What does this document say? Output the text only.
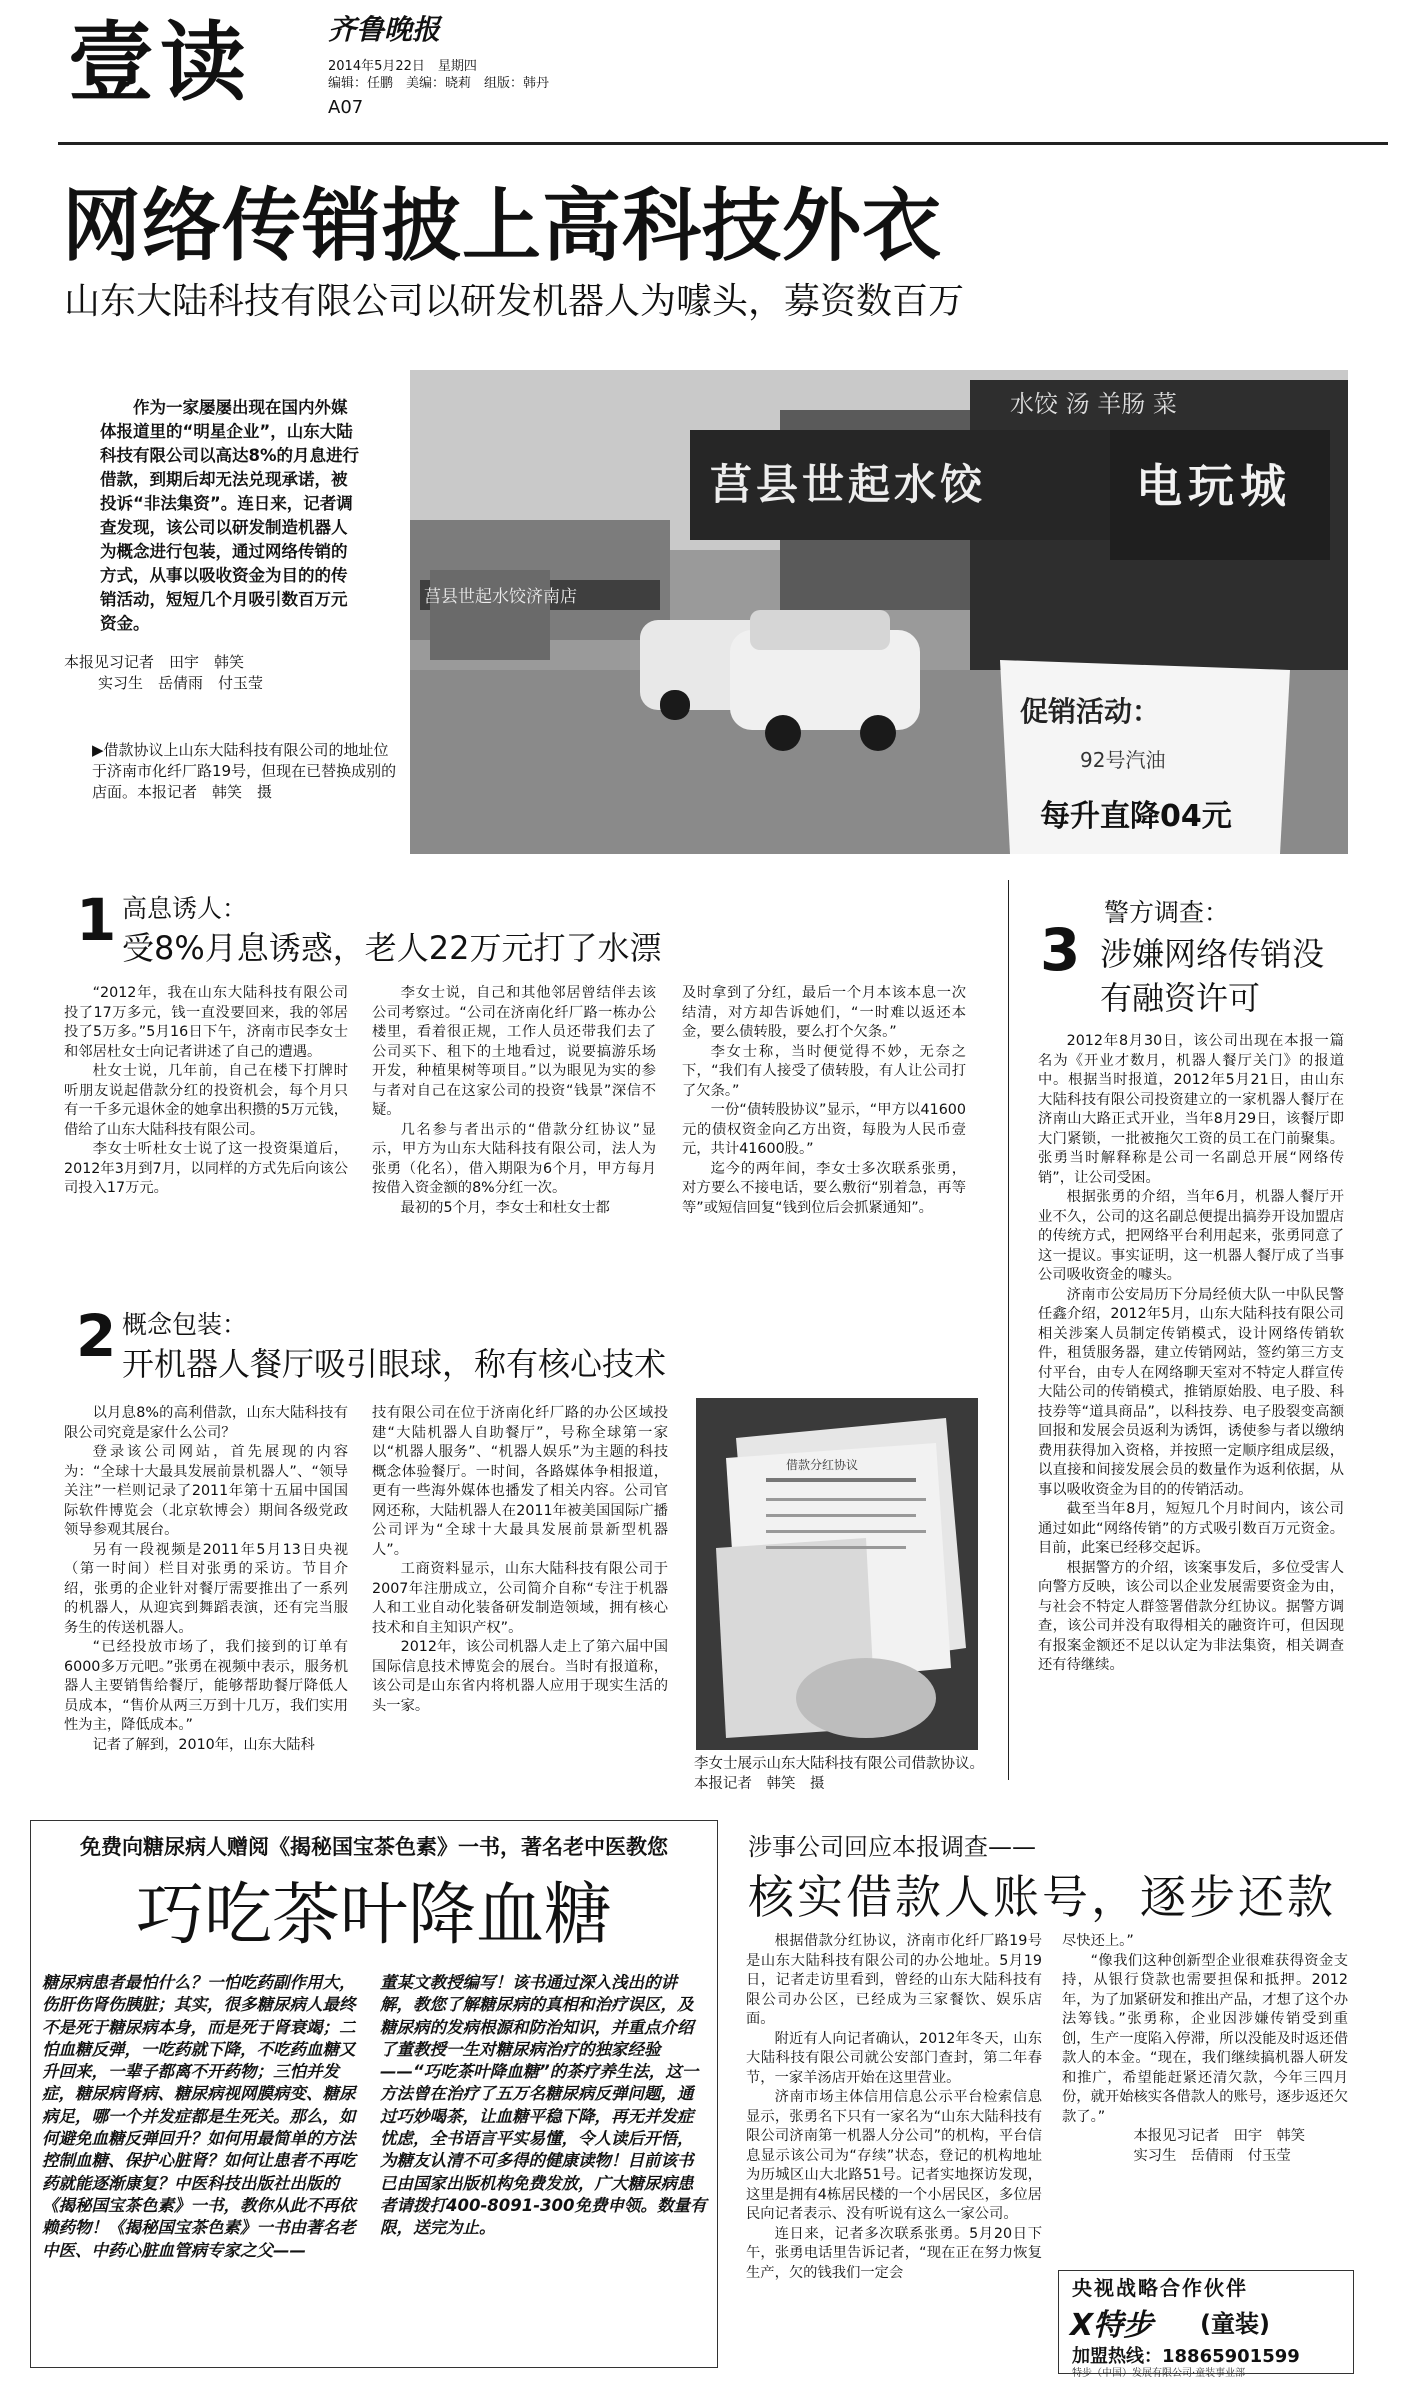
壹读	齐鲁晚报
2014年5月22日　星期四
编辑：任鹏　美编：晓莉　组版：韩丹
A07
网络传销披上高科技外衣
山东大陆科技有限公司以研发机器人为噱头，募资数百万
作为一家屡屡出现在国内外媒体报道里的“明星企业”，山东大陆科技有限公司以高达8%的月息进行借款，到期后却无法兑现承诺，被投诉“非法集资”。连日来，记者调查发现，该公司以研发制造机器人为概念进行包装，通过网络传销的方式，从事以吸收资金为目的的传销活动，短短几个月吸引数百万元资金。
本报见习记者　田宇　韩笑
实习生　岳倩雨　付玉莹
▶借款协议上山东大陆科技有限公司的地址位于济南市化纤厂路19号，但现在已替换成别的店面。本报记者　韩笑　摄
莒县世起水饺	电玩城
水饺 汤 羊肠 菜
莒县世起水饺济南店
促销活动：
92号汽油
每升直降04元
1 高息诱人：
受8%月息诱惑，老人22万元打了水漂

“2012年，我在山东大陆科技有限公司投了17万多元，钱一直没要回来，我的邻居投了5万多。”5月16日下午，济南市民李女士和邻居杜女士向记者讲述了自己的遭遇。

杜女士说，几年前，自己在楼下打牌时听朋友说起借款分红的投资机会，每个月只有一千多元退休金的她拿出积攒的5万元钱，借给了山东大陆科技有限公司。

李女士听杜女士说了这一投资渠道后，2012年3月到7月，以同样的方式先后向该公司投入17万元。

李女士说，自己和其他邻居曾结伴去该公司考察过。“公司在济南化纤厂路一栋办公楼里，看着很正规，工作人员还带我们去了公司买下、租下的土地看过，说要搞游乐场开发，种植果树等项目。”以为眼见为实的参与者对自己在这家公司的投资“钱景”深信不疑。

几名参与者出示的“借款分红协议”显示，甲方为山东大陆科技有限公司，法人为张勇（化名），借入期限为6个月，甲方每月按借入资金额的8%分红一次。

最初的5个月，李女士和杜女士都

及时拿到了分红，最后一个月本该本息一次结清，对方却告诉她们，“一时难以返还本金，要么债转股，要么打个欠条。”

李女士称，当时便觉得不妙，无奈之下，“我们有人接受了债转股，有人让公司打了欠条。”

一份“债转股协议”显示，“甲方以41600元的债权资金向乙方出资，每股为人民币壹元，共计41600股。”

迄今的两年间，李女士多次联系张勇，对方要么不接电话，要么敷衍“别着急，再等等”或短信回复“钱到位后会抓紧通知”。

2 概念包装：
开机器人餐厅吸引眼球，称有核心技术

以月息8%的高利借款，山东大陆科技有限公司究竟是家什么公司？

登录该公司网站，首先展现的内容为：“全球十大最具发展前景机器人”、“领导关注”一栏则记录了2011年第十五届中国国际软件博览会（北京软博会）期间各级党政领导参观其展台。

另有一段视频是2011年5月13日央视（第一时间）栏目对张勇的采访。节目介绍，张勇的企业针对餐厅需要推出了一系列的机器人，从迎宾到舞蹈表演，还有完当服务生的传送机器人。

“已经投放市场了，我们接到的订单有6000多万元吧。”张勇在视频中表示，服务机器人主要销售给餐厅，能够帮助餐厅降低人员成本，“售价从两三万到十几万，我们实用性为主，降低成本。”

记者了解到，2010年，山东大陆科

技有限公司在位于济南化纤厂路的办公区域投建“大陆机器人自助餐厅”，号称全球第一家以“机器人服务”、“机器人娱乐”为主题的科技概念体验餐厅。一时间，各路媒体争相报道，更有一些海外媒体也播发了相关内容。公司官网还称，大陆机器人在2011年被美国国际广播公司评为“全球十大最具发展前景新型机器人”。

工商资料显示，山东大陆科技有限公司于2007年注册成立，公司简介自称“专注于机器人和工业自动化装备研发制造领域，拥有核心技术和自主知识产权”。

2012年，该公司机器人走上了第六届中国国际信息技术博览会的展台。当时有报道称，该公司是山东省内将机器人应用于现实生活的头一家。

借款分红协议
李女士展示山东大陆科技有限公司借款协议。　本报记者　韩笑　摄
警方调查：
3 涉嫌网络传销没有融资许可

2012年8月30日，该公司出现在本报一篇名为《开业才数月，机器人餐厅关门》的报道中。根据当时报道，2012年5月21日，由山东大陆科技有限公司投资建立的一家机器人餐厅在济南山大路正式开业，当年8月29日，该餐厅即大门紧锁，一批被拖欠工资的员工在门前聚集。张勇当时解释称是公司一名副总开展“网络传销”，让公司受困。

根据张勇的介绍，当年6月，机器人餐厅开业不久，公司的这名副总便提出搞券开设加盟店的传统方式，把网络平台利用起来，张勇同意了这一提议。事实证明，这一机器人餐厅成了当事公司吸收资金的噱头。

济南市公安局历下分局经侦大队一中队民警任鑫介绍，2012年5月，山东大陆科技有限公司相关涉案人员制定传销模式，设计网络传销软件，租赁服务器，建立传销网站，签约第三方支付平台，由专人在网络聊天室对不特定人群宣传大陆公司的传销模式，推销原始股、电子股、科技券等“道具商品”，以科技券、电子股裂变高额回报和发展会员返利为诱饵，诱使参与者以缴纳费用获得加入资格，并按照一定顺序组成层级，以直接和间接发展会员的数量作为返利依据，从事以吸收资金为目的的传销活动。

截至当年8月，短短几个月时间内，该公司通过如此“网络传销”的方式吸引数百万元资金。目前，此案已经移交起诉。

根据警方的介绍，该案事发后，多位受害人向警方反映，该公司以企业发展需要资金为由，与社会不特定人群签署借款分红协议。据警方调查，该公司并没有取得相关的融资许可，但因现有报案金额还不足以认定为非法集资，相关调查还有待继续。

免费向糖尿病人赠阅《揭秘国宝茶色素》一书，著名老中医教您
巧吃茶叶降血糖
糖尿病患者最怕什么？一怕吃药副作用大，伤肝伤肾伤胰脏；其实，很多糖尿病人最终不是死于糖尿病本身，而是死于肾衰竭；二怕血糖反弹，一吃药就下降，不吃药血糖又升回来，一辈子都离不开药物；三怕并发症，糖尿病肾病、糖尿病视网膜病变、糖尿病足，哪一个并发症都是生死关。那么，如何避免血糖反弹回升？如何用最简单的方法控制血糖、保护心脏肾？如何让患者不再吃药就能逐渐康复？中医科技出版社出版的《揭秘国宝茶色素》一书，教你从此不再依赖药物！《揭秘国宝茶色素》一书由著名老中医、中药心脏血管病专家之父——
董某文教授编写！该书通过深入浅出的讲解，教您了解糖尿病的真相和治疗误区，及糖尿病的发病根源和防治知识，并重点介绍了董教授一生对糖尿病治疗的独家经验——“巧吃茶叶降血糖”的茶疗养生法，这一方法曾在治疗了五万名糖尿病反弹问题，通过巧妙喝茶，让血糖平稳下降，再无并发症忧虑，全书语言平实易懂，令人读后开悟，为糖友认清不可多得的健康读物！目前该书已由国家出版机构免费发放，广大糖尿病患者请拨打400-8091-300免费申领。数量有限，送完为止。
涉事公司回应本报调查——
核实借款人账号，逐步还款

根据借款分红协议，济南市化纤厂路19号是山东大陆科技有限公司的办公地址。5月19日，记者走访里看到，曾经的山东大陆科技有限公司办公区，已经成为三家餐饮、娱乐店面。

附近有人向记者确认，2012年冬天，山东大陆科技有限公司就公安部门查封，第二年春节，一家羊汤店开始在这里营业。

济南市场主体信用信息公示平台检索信息显示，张勇名下只有一家名为“山东大陆科技有限公司济南第一机器人分公司”的机构，平台信息显示该公司为“存续”状态，登记的机构地址为历城区山大北路51号。记者实地探访发现，这里是拥有4栋居民楼的一个小居民区，多位居民向记者表示、没有听说有这么一家公司。

连日来，记者多次联系张勇。5月20日下午，张勇电话里告诉记者，“现在正在努力恢复生产，欠的钱我们一定会

尽快还上。”

“像我们这种创新型企业很难获得资金支持，从银行贷款也需要担保和抵押。2012年，为了加紧研发和推出产品，才想了这个办法筹钱。”张勇称，企业因涉嫌传销受到重创，生产一度陷入停滞，所以没能及时返还借款人的本金。“现在，我们继续搞机器人研发和推广，希望能赶紧还清欠款，今年三四月份，就开始核实各借款人的账号，逐步返还欠款了。”

本报见习记者　田宇　韩笑

实习生　岳倩雨　付玉莹

央视战略合作伙伴
X特步 (童装)
加盟热线：18865901599
特步（中国）发展有限公司·童装事业部
